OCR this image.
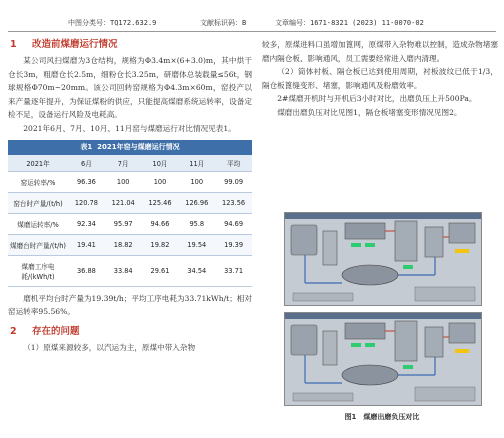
中图分类号：TQ172.632.9	文献标识码：B	文章编号：1671-8321 (2023) 11-0070-02
1 改造前煤磨运行情况

某公司风扫煤磨为3仓结构，规格为Φ3.4m×(6+3.0)m，其中烘干仓长3m，粗磨仓长2.5m，细粉仓长3.25m，研磨体总装载量≤56t，钢球规格Φ70m~20mm。该公司回转窑规格为Φ4.3m×60m，窑投产以来产量逐年提升，为保证煤粉的供应，只能提高煤磨系统运转率，设备定检不足，设备运行风险及电耗高。

2021年6月、7月、10月、11月窑与煤磨运行对比情况见表1。

表1 2021年窑与煤磨运行情况
2021年	6月	7月	10月	11月	平均
窑运转率/%	96.36	100	100	100	99.09
窑台时产量/(t/h)	120.78	121.04	125.46	126.96	123.56
煤磨运转率/%	92.34	95.97	94.66	95.8	94.69
煤磨台时产量/(t/h)	19.41	18.82	19.82	19.54	19.39
煤磨工序电耗/(kWh/t)	36.88	33.84	29.61	34.54	33.71

磨机平均台时产量为19.39t/h；平均工序电耗为33.71kWh/t；相对窑运转率95.56%。

2 存在的问题

（1）原煤来源较多，以汽运为主，原煤中带入杂物

较多，原煤进料口虽增加篦网，原煤带入杂物难以控制，造成杂物堵塞磨内隔仓板、影响通风，员工需要经常进入磨内清理。

（2）筒体衬板、隔仓板已达到使用周期，衬板波纹已低于1/3，隔仓板篦缝变形、堵塞，影响通风及粉磨效率。

2#煤磨开机时与开机后3小时对比，出磨负压上升500Pa。

煤磨出磨负压对比见图1，隔仓板堵塞变形情况见图2。

图1　煤磨出磨负压对比
